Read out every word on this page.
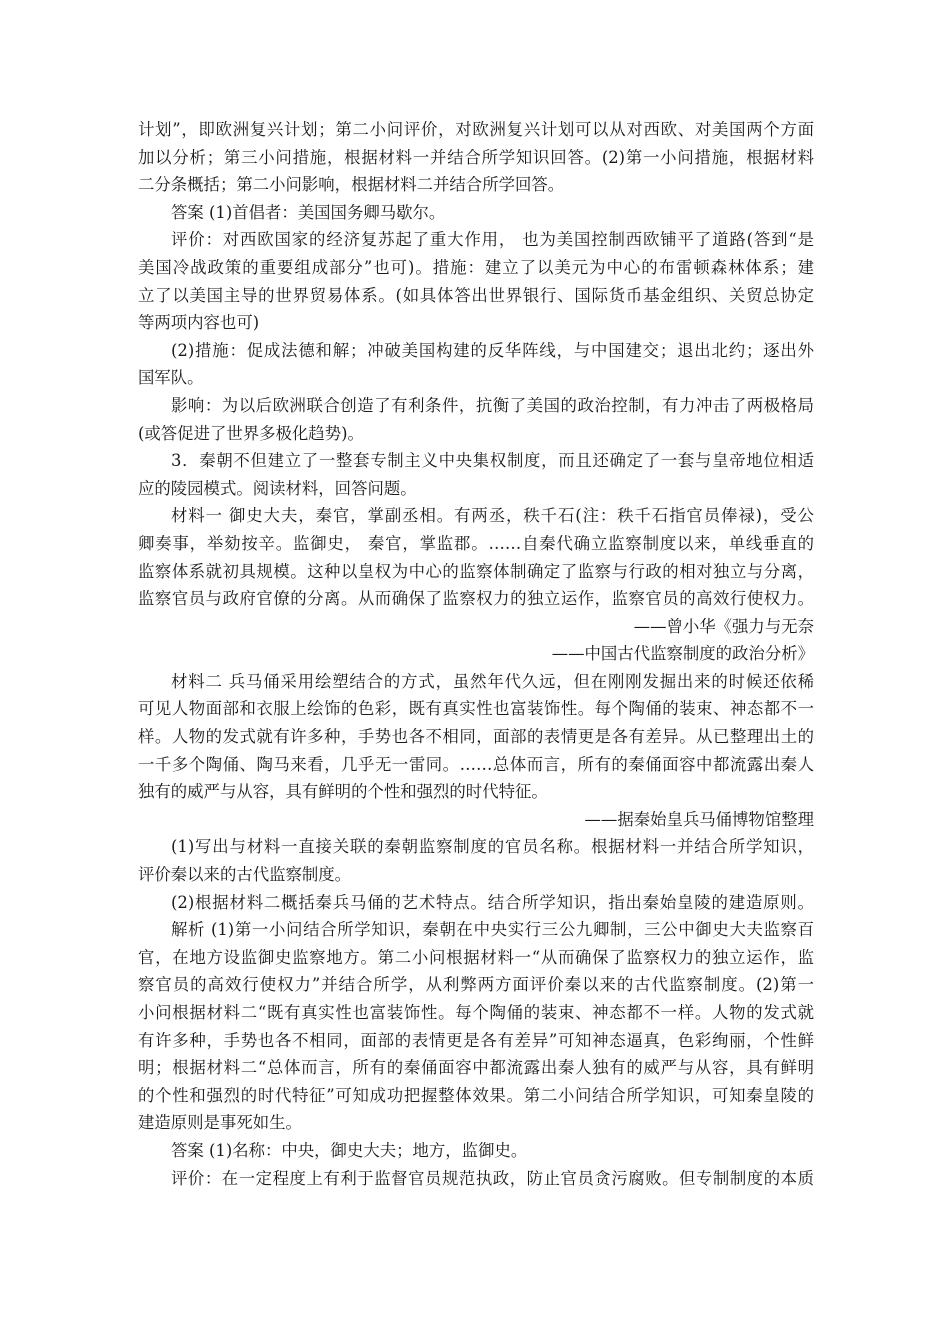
计划”，即欧洲复兴计划；第二小问评价，对欧洲复兴计划可以从对西欧、对美国两个方面
加以分析；第三小问措施，根据材料一并结合所学知识回答。(2)第一小问措施，根据材料
二分条概括；第二小问影响，根据材料二并结合所学回答。
答案 (1)首倡者：美国国务卿马歇尔。
评价：对西欧国家的经济复苏起了重大作用， 也为美国控制西欧铺平了道路(答到“是
美国冷战政策的重要组成部分”也可)。措施：建立了以美元为中心的布雷顿森林体系；建
立了以美国主导的世界贸易体系。(如具体答出世界银行、国际货币基金组织、关贸总协定
等两项内容也可)
(2)措施：促成法德和解；冲破美国构建的反华阵线，与中国建交；退出北约；逐出外
国军队。
影响：为以后欧洲联合创造了有利条件，抗衡了美国的政治控制，有力冲击了两极格局
(或答促进了世界多极化趋势)。
3．秦朝不但建立了一整套专制主义中央集权制度，而且还确定了一套与皇帝地位相适
应的陵园模式。阅读材料，回答问题。
材料一 御史大夫，秦官，掌副丞相。有两丞，秩千石(注：秩千石指官员俸禄)，受公
卿奏事，举劾按辛。监御史， 秦官，掌监郡。……自秦代确立监察制度以来，单线垂直的
监察体系就初具规模。这种以皇权为中心的监察体制确定了监察与行政的相对独立与分离，
监察官员与政府官僚的分离。从而确保了监察权力的独立运作，监察官员的高效行使权力。
——曾小华《强力与无奈
——中国古代监察制度的政治分析》
材料二 兵马俑采用绘塑结合的方式，虽然年代久远，但在刚刚发掘出来的时候还依稀
可见人物面部和衣服上绘饰的色彩，既有真实性也富装饰性。每个陶俑的装束、神态都不一
样。人物的发式就有许多种，手势也各不相同，面部的表情更是各有差异。从已整理出土的
一千多个陶俑、陶马来看，几乎无一雷同。……总体而言，所有的秦俑面容中都流露出秦人
独有的威严与从容，具有鲜明的个性和强烈的时代特征。
——据秦始皇兵马俑博物馆整理
(1)写出与材料一直接关联的秦朝监察制度的官员名称。根据材料一并结合所学知识，
评价秦以来的古代监察制度。
(2)根据材料二概括秦兵马俑的艺术特点。结合所学知识，指出秦始皇陵的建造原则。
解析 (1)第一小问结合所学知识，秦朝在中央实行三公九卿制，三公中御史大夫监察百
官，在地方设监御史监察地方。第二小问根据材料一“从而确保了监察权力的独立运作，监
察官员的高效行使权力”并结合所学，从利弊两方面评价秦以来的古代监察制度。(2)第一
小问根据材料二“既有真实性也富装饰性。每个陶俑的装束、神态都不一样。人物的发式就
有许多种，手势也各不相同，面部的表情更是各有差异”可知神态逼真，色彩绚丽，个性鲜
明；根据材料二“总体而言，所有的秦俑面容中都流露出秦人独有的威严与从容，具有鲜明
的个性和强烈的时代特征”可知成功把握整体效果。第二小问结合所学知识，可知秦皇陵的
建造原则是事死如生。
答案 (1)名称：中央，御史大夫；地方，监御史。
评价：在一定程度上有利于监督官员规范执政，防止官员贪污腐败。但专制制度的本质
